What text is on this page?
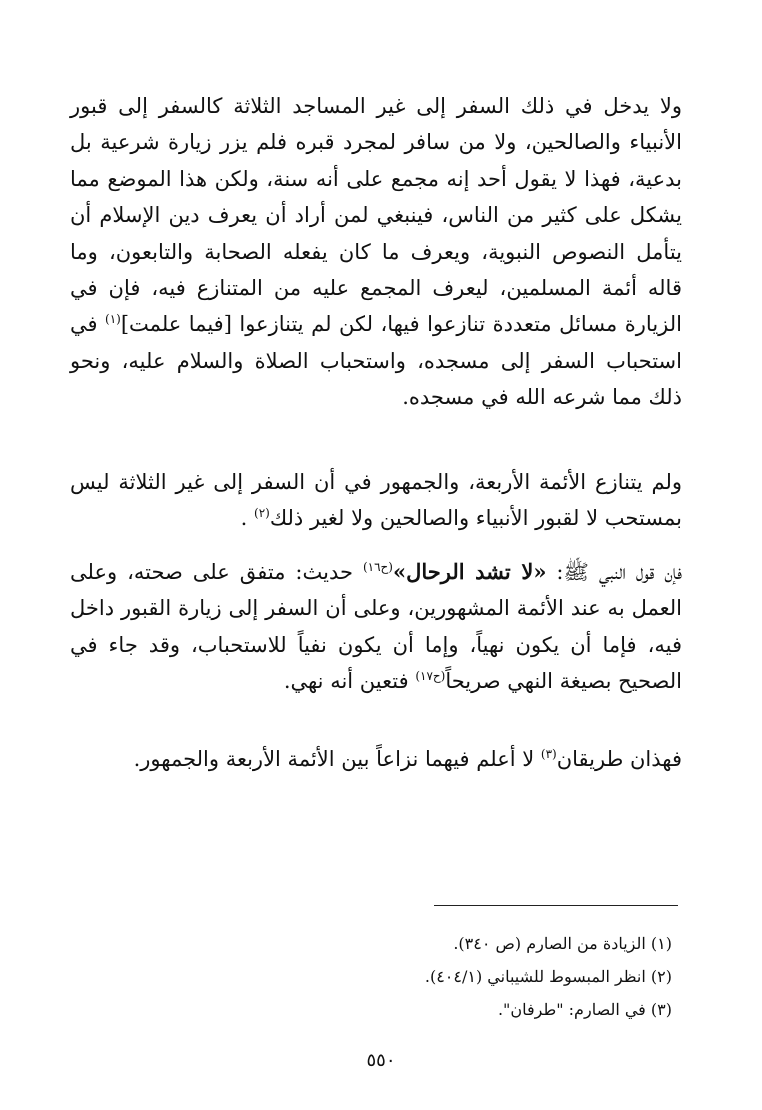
ولا يدخل في ذلك السفر إلى غير المساجد الثلاثة كالسفر إلى قبور الأنبياء والصالحين، ولا من سافر لمجرد قبره فلم يزر زيارة شرعية بل بدعية، فهذا لا يقول أحد إنه مجمع على أنه سنة، ولكن هذا الموضع مما يشكل على كثير من الناس، فينبغي لمن أراد أن يعرف دين الإسلام أن يتأمل النصوص النبوية، ويعرف ما كان يفعله الصحابة والتابعون، وما قاله أئمة المسلمين، ليعرف المجمع عليه من المتنازع فيه، فإن في الزيارة مسائل متعددة تنازعوا فيها، لكن لم يتنازعوا [فيما علمت]$^{(١)}$ في استحباب السفر إلى مسجده، واستحباب الصلاة والسلام عليه، ونحو ذلك مما شرعه الله في مسجده.

ولم يتنازع الأئمة الأربعة، والجمهور في أن السفر إلى غير الثلاثة ليس بمستحب لا لقبور الأنبياء والصالحين ولا لغير ذلك$^{(٢)}$ .

فإن قول النبي ﷺ: «لا تشد الرحال»$^{(ح١٦)}$ حديث: متفق على صحته، وعلى العمل به عند الأئمة المشهورين، وعلى أن السفر إلى زيارة القبور داخل فيه، فإما أن يكون نهياً، وإما أن يكون نفياً للاستحباب، وقد جاء في الصحيح بصيغة النهي صريحاً$^{(ح١٧)}$ فتعين أنه نهي.

فهذان طريقان$^{(٣)}$ لا أعلم فيهما نزاعاً بين الأئمة الأربعة والجمهور.

(١) الزيادة من الصارم (ص ٣٤٠).
(٢) انظر المبسوط للشيباني (٤٠٤/١).
(٣) في الصارم: "طرفان".
٥٥٠
